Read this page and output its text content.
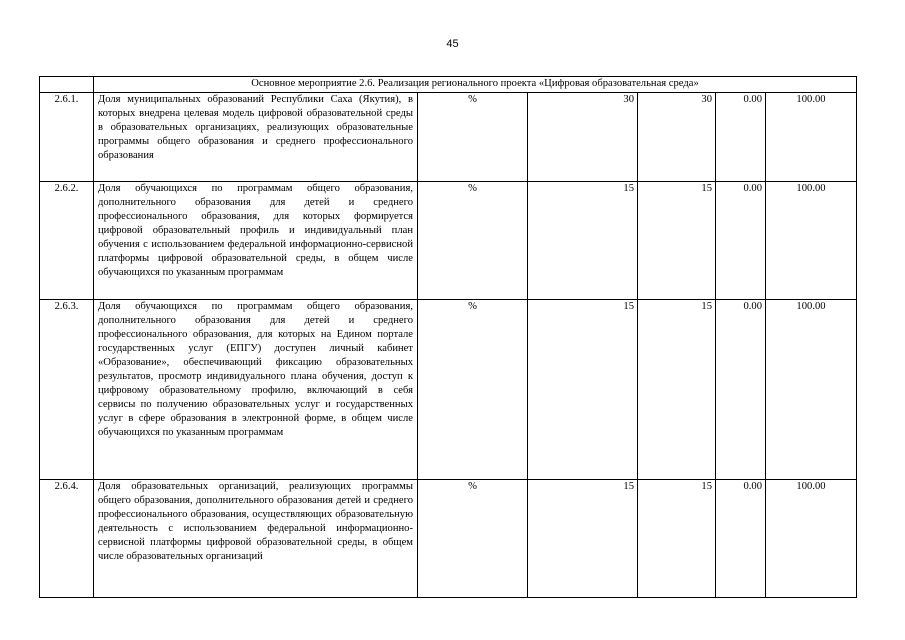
45
	Основное мероприятие 2.6. Реализация регионального проекта «Цифровая образовательная среда»					
2.6.1.	Доля муниципальных образований Республики Саха (Якутия), в которых внедрена целевая модель цифровой образовательной среды в образовательных организациях, реализующих образовательные программы общего образования и среднего профессионального образования	%	30	30	0.00	100.00
2.6.2.	Доля обучающихся по программам общего образования, дополнительного образования для детей и среднего профессионального образования, для которых формируется цифровой образовательный профиль и индивидуальный план обучения с использованием федеральной информационно-сервисной платформы цифровой образовательной среды, в общем числе обучающихся по указанным программам	%	15	15	0.00	100.00
2.6.3.	Доля обучающихся по программам общего образования, дополнительного образования для детей и среднего профессионального образования, для которых на Едином портале государственных услуг (ЕПГУ) доступен личный кабинет «Образование», обеспечивающий фиксацию образовательных результатов, просмотр индивидуального плана обучения, доступ к цифровому образовательному профилю, включающий в себя сервисы по получению образовательных услуг и государственных услуг в сфере образования в электронной форме, в общем числе обучающихся по указанным программам	%	15	15	0.00	100.00
2.6.4.	Доля образовательных организаций, реализующих программы общего образования, дополнительного образования детей и среднего профессионального образования, осуществляющих образовательную деятельность с использованием федеральной информационно-сервисной платформы цифровой образовательной среды, в общем числе образовательных организаций	%	15	15	0.00	100.00
